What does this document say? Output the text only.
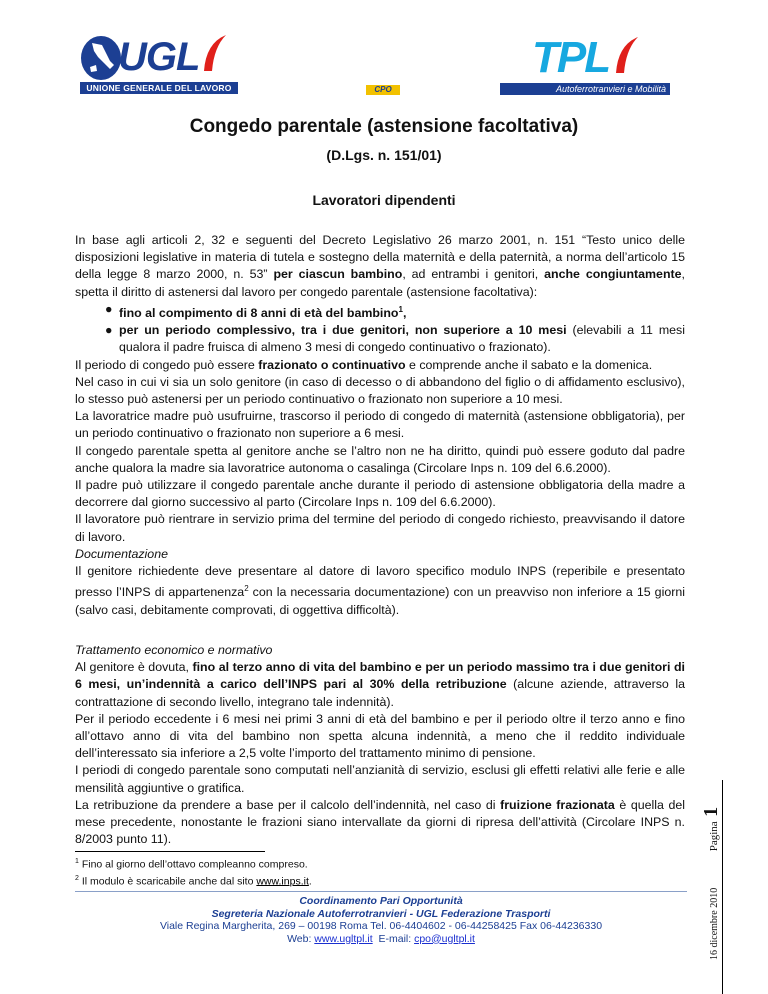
UGL
UNIONE GENERALE DEL LAVORO	CPO
TPL
Autoferrotranvieri e Mobilità
Congedo parentale (astensione facoltativa)
(D.Lgs. n. 151/01)
Lavoratori dipendenti

In base agli articoli 2, 32 e seguenti del Decreto Legislativo 26 marzo 2001, n. 151 “Testo unico delle disposizioni legislative in materia di tutela e sostegno della maternità e della paternità, a norma dell’articolo 15 della legge 8 marzo 2000, n. 53” per ciascun bambino, ad entrambi i genitori, anche congiuntamente, spetta il diritto di astenersi dal lavoro per congedo parentale (astensione facoltativa):

● fino al compimento di 8 anni di età del bambino$^1$,
● per un periodo complessivo, tra i due genitori, non superiore a 10 mesi (elevabili a 11 mesi qualora il padre fruisca di almeno 3 mesi di congedo continuativo o frazionato).

Il periodo di congedo può essere frazionato o continuativo e comprende anche il sabato e la domenica.

Nel caso in cui vi sia un solo genitore (in caso di decesso o di abbandono del figlio o di affidamento esclusivo), lo stesso può astenersi per un periodo continuativo o frazionato non superiore a 10 mesi.

La lavoratrice madre può usufruirne, trascorso il periodo di congedo di maternità (astensione obbligatoria), per un periodo continuativo o frazionato non superiore a 6 mesi.

Il congedo parentale spetta al genitore anche se l’altro non ne ha diritto, quindi può essere goduto dal padre anche qualora la madre sia lavoratrice autonoma o casalinga (Circolare Inps n. 109 del 6.6.2000).

Il padre può utilizzare il congedo parentale anche durante il periodo di astensione obbligatoria della madre a decorrere dal giorno successivo al parto (Circolare Inps n. 109 del 6.6.2000).

Il lavoratore può rientrare in servizio prima del termine del periodo di congedo richiesto, preavvisando il datore di lavoro.

Documentazione

Il genitore richiedente deve presentare al datore di lavoro specifico modulo INPS (reperibile e presentato presso l’INPS di appartenenza$^2$ con la necessaria documentazione) con un preavviso non inferiore a 15 giorni (salvo casi, debitamente comprovati, di oggettiva difficoltà).

Trattamento economico e normativo

Al genitore è dovuta, fino al terzo anno di vita del bambino e per un periodo massimo tra i due genitori di 6 mesi, un’indennità a carico dell’INPS pari al 30% della retribuzione (alcune aziende, attraverso la contrattazione di secondo livello, integrano tale indennità).

Per il periodo eccedente i 6 mesi nei primi 3 anni di età del bambino e per il periodo oltre il terzo anno e fino all’ottavo anno di vita del bambino non spetta alcuna indennità, a meno che il reddito individuale dell’interessato sia inferiore a 2,5 volte l’importo del trattamento minimo di pensione.

I periodi di congedo parentale sono computati nell’anzianità di servizio, esclusi gli effetti relativi alle ferie e alle mensilità aggiuntive o gratifica.

La retribuzione da prendere a base per il calcolo dell’indennità, nel caso di fruizione frazionata è quella del mese precedente, nonostante le frazioni siano intervallate da giorni di ripresa dell’attività (Circolare INPS n. 8/2003 punto 11).

$^1$ Fino al giorno dell’ottavo compleanno compreso.
$^2$ Il modulo è scaricabile anche dal sito www.inps.it.
Coordinamento Pari Opportunità
Segreteria Nazionale Autoferrotranvieri - UGL Federazione Trasporti
Viale Regina Margherita, 269 – 00198 Roma Tel. 06-4404602 - 06-44258425 Fax 06-44236330
Web: www.ugltpl.it  E-mail: cpo@ugltpl.it	16 dicembre 2010 Pagina 1
